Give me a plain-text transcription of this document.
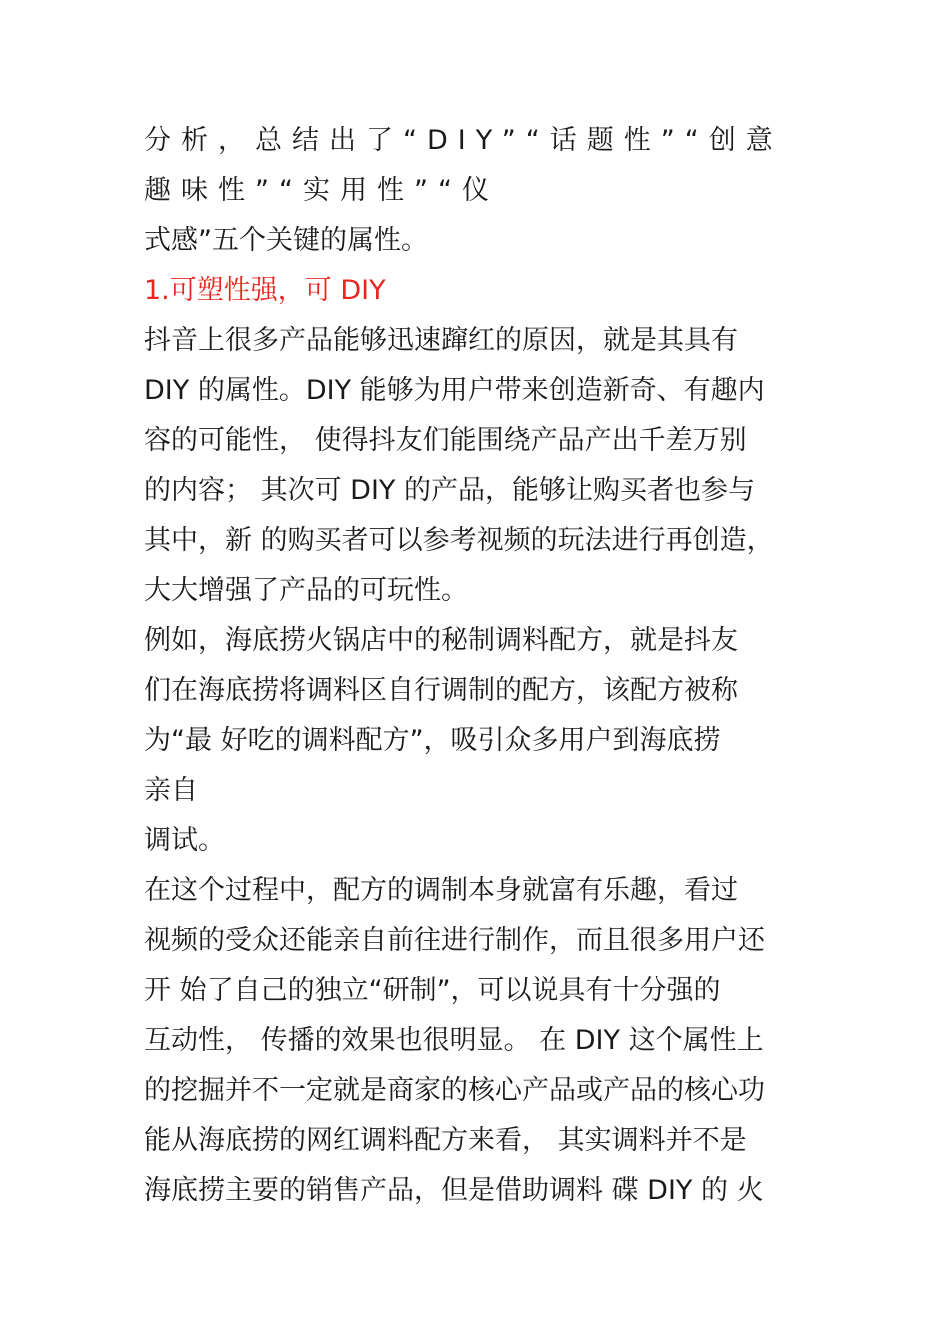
分析，总结出了“DIY”“话题性”“创意
趣味性”“实用性”“仪
式感”五个关键的属性。
1.可塑性强，可 DIY
抖音上很多产品能够迅速蹿红的原因，就是其具有
DIY 的属性。DIY 能够为用户带来创造新奇、有趣内
容的可能性， 使得抖友们能围绕产品产出千差万别
的内容； 其次可 DIY 的产品，能够让购买者也参与
其中，新 的购买者可以参考视频的玩法进行再创造，
大大增强了产品的可玩性。
例如，海底捞火锅店中的秘制调料配方，就是抖友
们在海底捞将调料区自行调制的配方，该配方被称
为“最 好吃的调料配方”，吸引众多用户到海底捞
亲自
调试。
在这个过程中，配方的调制本身就富有乐趣，看过
视频的受众还能亲自前往进行制作，而且很多用户还
开 始了自己的独立“研制”，可以说具有十分强的
互动性， 传播的效果也很明显。 在 DIY 这个属性上
的挖掘并不一定就是商家的核心产品或产品的核心功
能从海底捞的网红调料配方来看， 其实调料并不是
海底捞主要的销售产品，但是借助调料 碟 DIY 的 火
